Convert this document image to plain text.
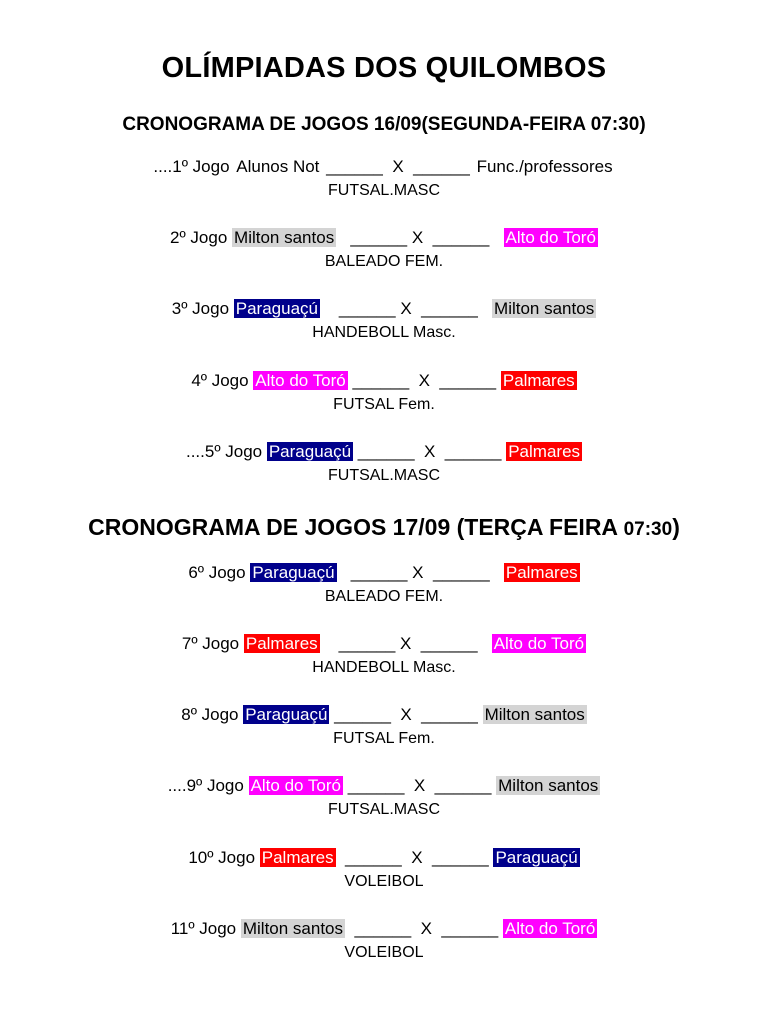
OLÍMPIADAS DOS QUILOMBOS
CRONOGRAMA DE JOGOS 16/09(SEGUNDA-FEIRA 07:30)
CRONOGRAMA DE JOGOS 17/09 (TERÇA FEIRA 07:30)
....1º Jogo Alunos Not ______  X  ______ Func./professores
FUTSAL.MASC
2º Jogo Milton santos   ______ X  ______   Alto do Toró
BALEADO FEM.
3º Jogo Paraguaçú    ______ X  ______   Milton santos
HANDEBOLL Masc.
4º Jogo Alto do Toró ______  X  ______ Palmares
FUTSAL Fem.
....5º Jogo Paraguaçú ______  X  ______ Palmares
FUTSAL.MASC
6º Jogo Paraguaçú   ______ X  ______   Palmares
BALEADO FEM.
7º Jogo Palmares    ______ X  ______   Alto do Toró
HANDEBOLL Masc.
8º Jogo Paraguaçú ______  X  ______ Milton santos
FUTSAL Fem.
....9º Jogo Alto do Toró ______  X  ______ Milton santos
FUTSAL.MASC
10º Jogo Palmares  ______  X  ______ Paraguaçú
VOLEIBOL
11º Jogo Milton santos  ______  X  ______ Alto do Toró
VOLEIBOL
